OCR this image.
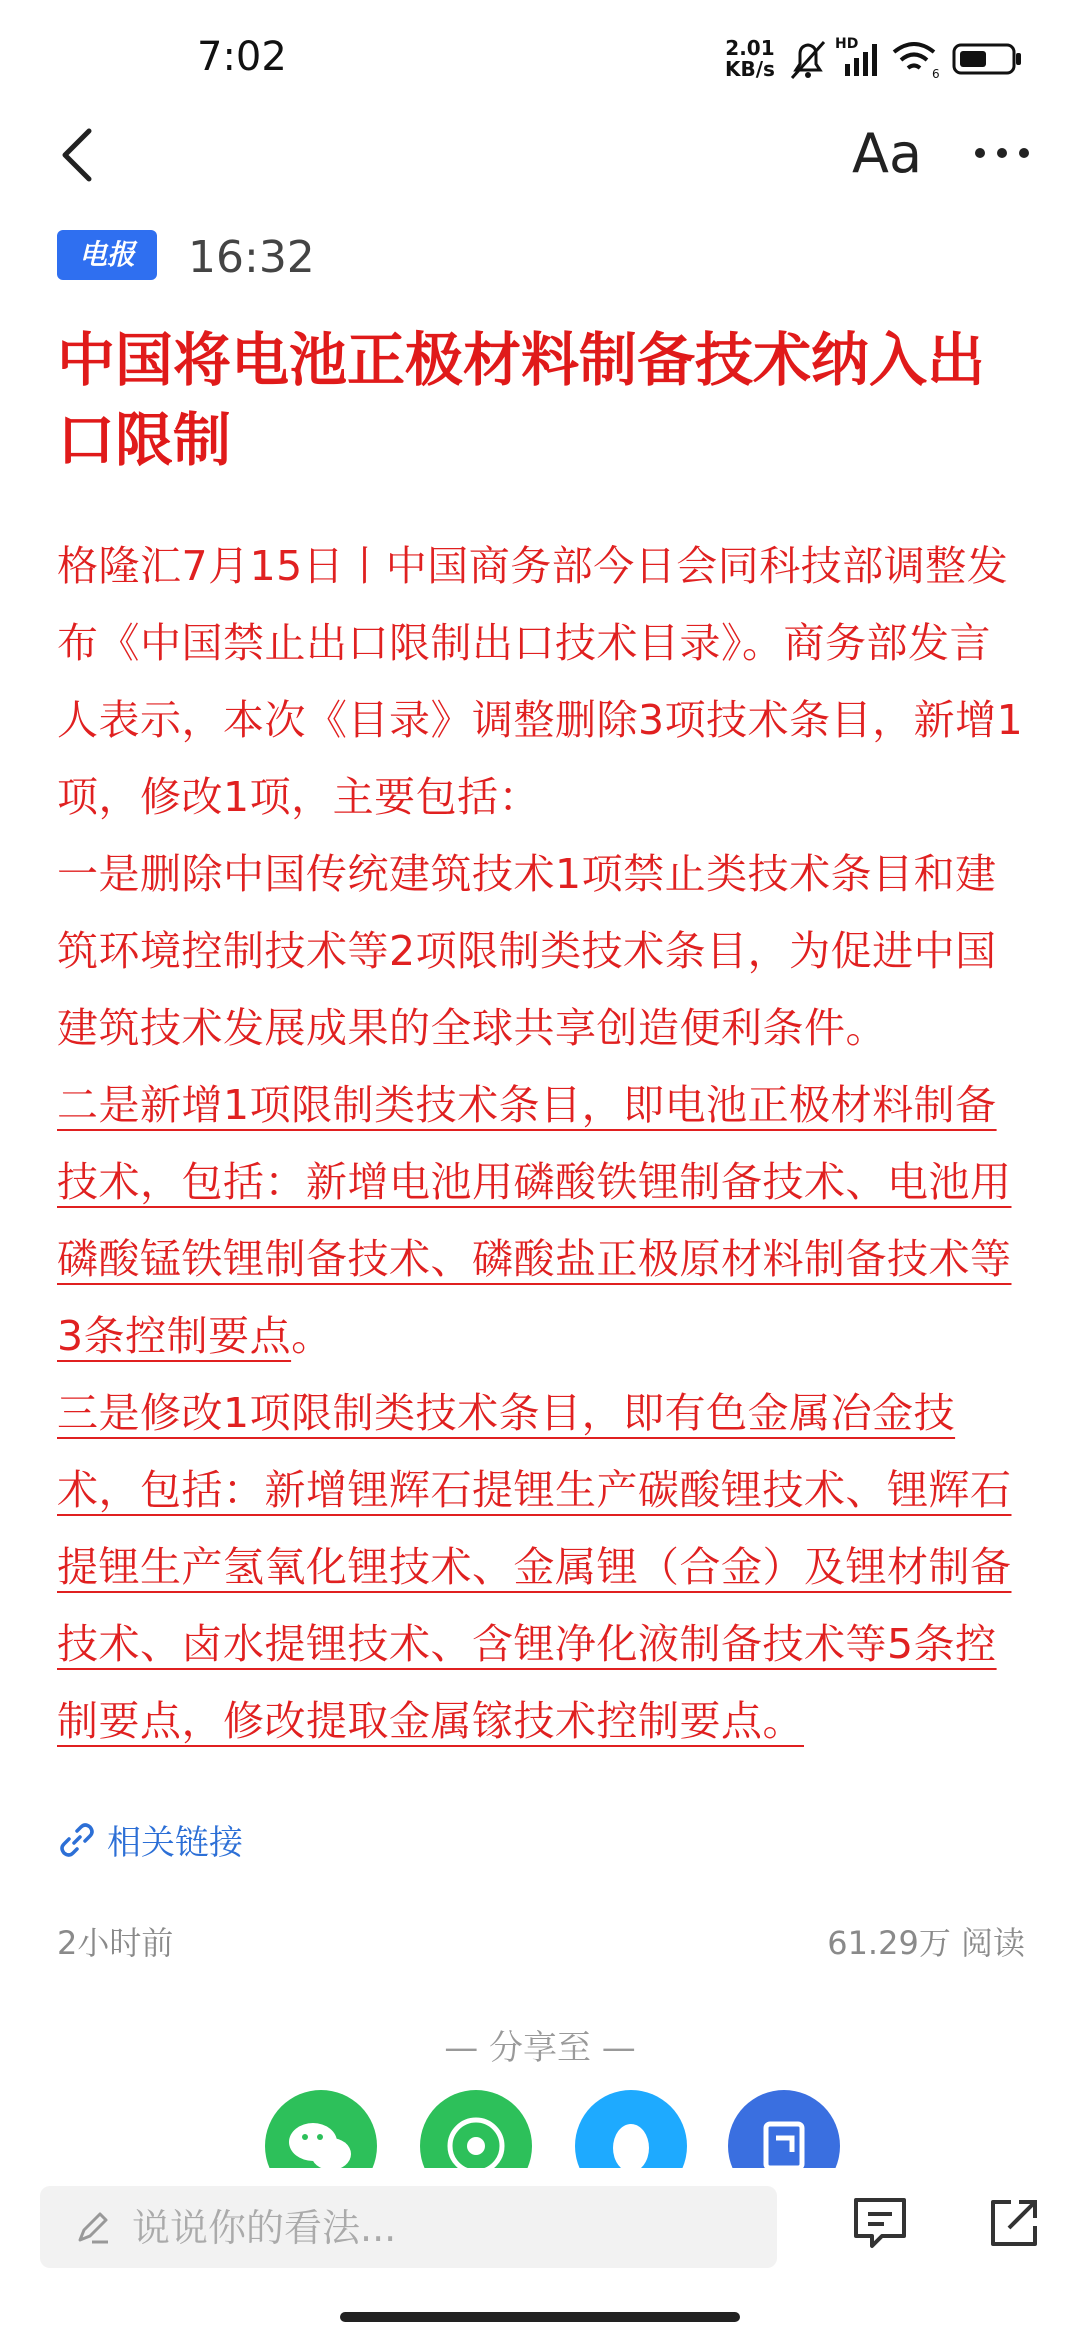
7:02	2.01
KB/s
HD
6
Aa
电报	16:32
中国将电池正极材料制备技术纳入出口限制

格隆汇7月15日丨中国商务部今日会同科技部调整发布《中国禁止出口限制出口技术目录》。商务部发言人表示，本次《目录》调整删除3项技术条目，新增1项，修改1项，主要包括：

一是删除中国传统建筑技术1项禁止类技术条目和建筑环境控制技术等2项限制类技术条目，为促进中国建筑技术发展成果的全球共享创造便利条件。

二是新增1项限制类技术条目，即电池正极材料制备技术，包括：新增电池用磷酸铁锂制备技术、电池用磷酸锰铁锂制备技术、磷酸盐正极原材料制备技术等3条控制要点。

三是修改1项限制类技术条目，即有色金属冶金技术，包括：新增锂辉石提锂生产碳酸锂技术、锂辉石提锂生产氢氧化锂技术、金属锂（合金）及锂材制备技术、卤水提锂技术、含锂净化液制备技术等5条控制要点，修改提取金属镓技术控制要点。

相关链接
2小时前	61.29万 阅读
— 分享至 —
说说你的看法...
